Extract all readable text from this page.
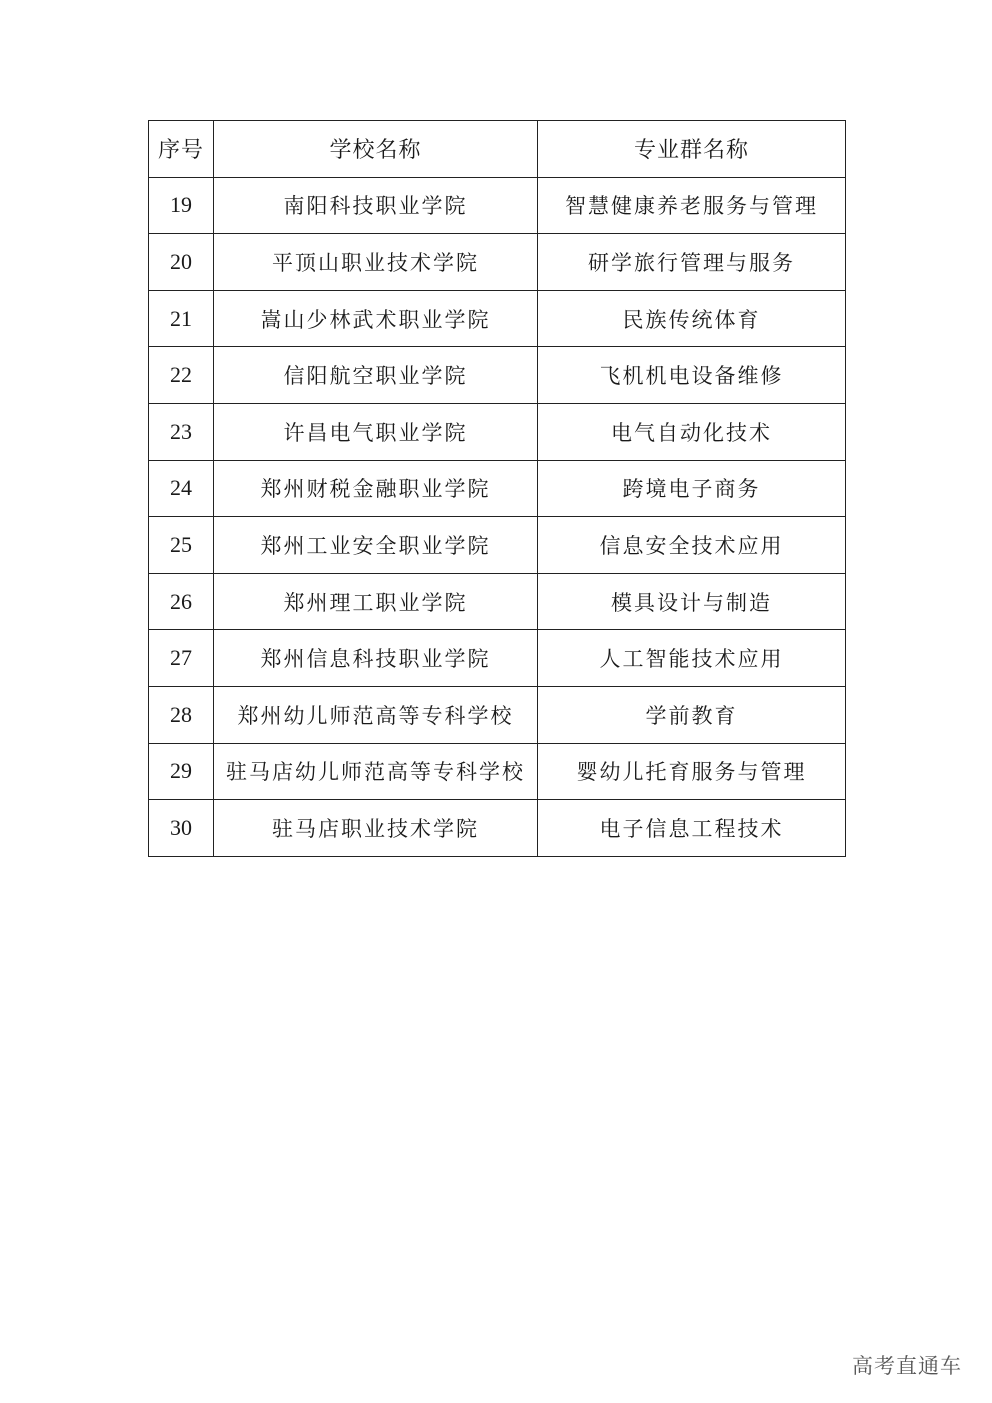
序号	学校名称	专业群名称
19	南阳科技职业学院	智慧健康养老服务与管理
20	平顶山职业技术学院	研学旅行管理与服务
21	嵩山少林武术职业学院	民族传统体育
22	信阳航空职业学院	飞机机电设备维修
23	许昌电气职业学院	电气自动化技术
24	郑州财税金融职业学院	跨境电子商务
25	郑州工业安全职业学院	信息安全技术应用
26	郑州理工职业学院	模具设计与制造
27	郑州信息科技职业学院	人工智能技术应用
28	郑州幼儿师范高等专科学校	学前教育
29	驻马店幼儿师范高等专科学校	婴幼儿托育服务与管理
30	驻马店职业技术学院	电子信息工程技术
高考直通车
